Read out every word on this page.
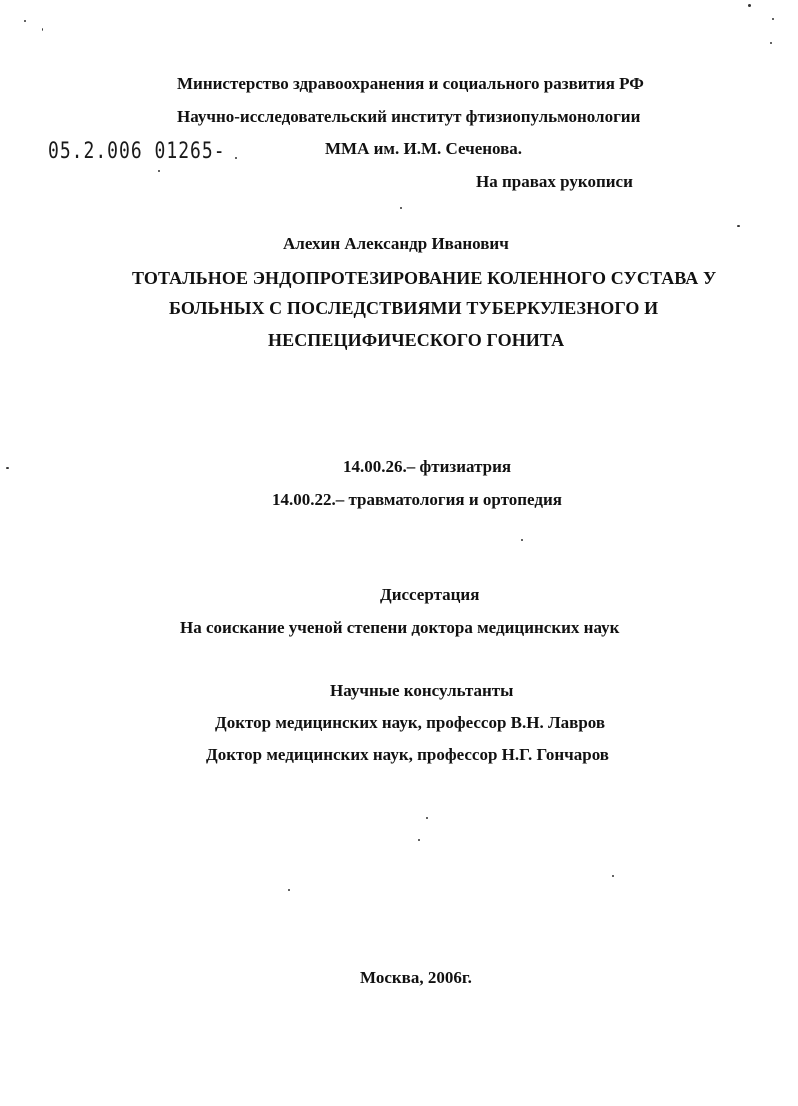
Министерство здравоохранения и социального развития РФ
Научно-исследовательский институт фтизиопульмонологии
05.2.006 01265-	ММА им. И.М. Сеченова.
На правах рукописи
Алехин Александр Иванович
ТОТАЛЬНОЕ ЭНДОПРОТЕЗИРОВАНИЕ КОЛЕННОГО СУСТАВА У
БОЛЬНЫХ С ПОСЛЕДСТВИЯМИ ТУБЕРКУЛЕЗНОГО И
НЕСПЕЦИФИЧЕСКОГО ГОНИТА
14.00.26.– фтизиатрия
14.00.22.– травматология и ортопедия
Диссертация
На соискание ученой степени доктора медицинских наук
Научные консультанты
Доктор медицинских наук, профессор В.Н. Лавров
Доктор медицинских наук, профессор Н.Г. Гончаров
Москва, 2006г.
